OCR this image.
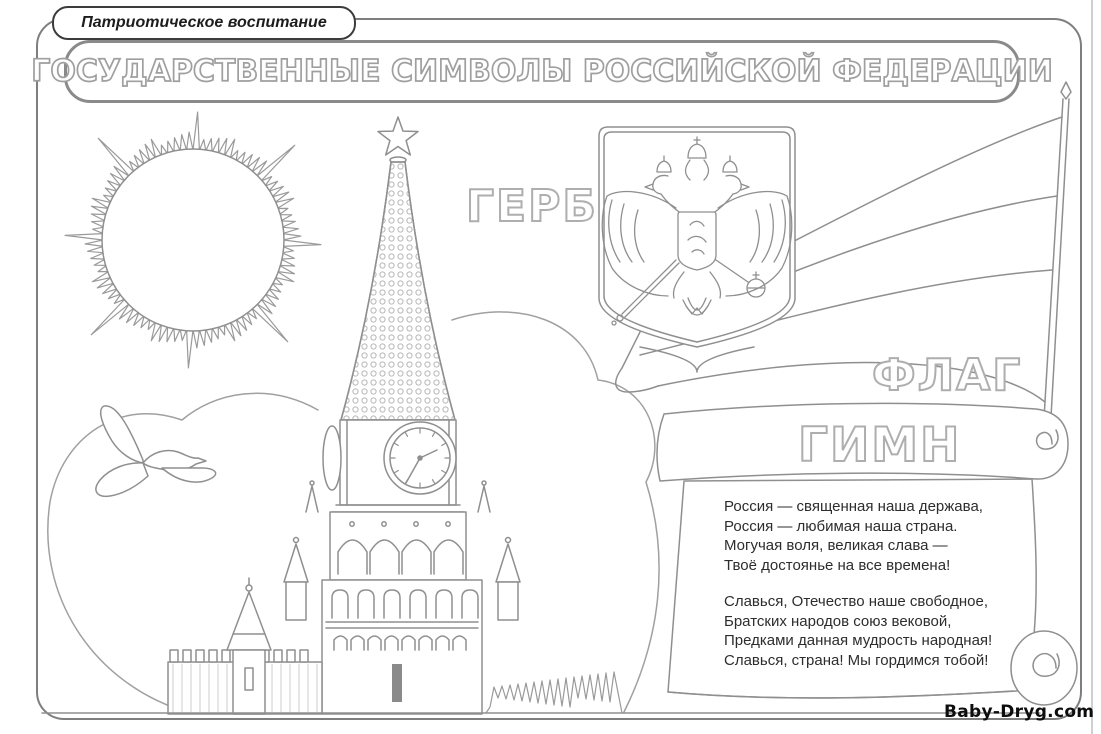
Патриотическое воспитание
ГОСУДАРСТВЕННЫЕ СИМВОЛЫ РОССИЙСКОЙ ФЕДЕРАЦИИ
ГЕРБ
ФЛАГ
ГИМН
Россия — священная наша держава,
Россия — любимая наша страна.
Могучая воля, великая слава —
Твоё достоянье на все времена!
Славься, Отечество наше свободное,
Братских народов союз вековой,
Предками данная мудрость народная!
Славься, страна! Мы гордимся тобой!
Baby-Dryg.com
